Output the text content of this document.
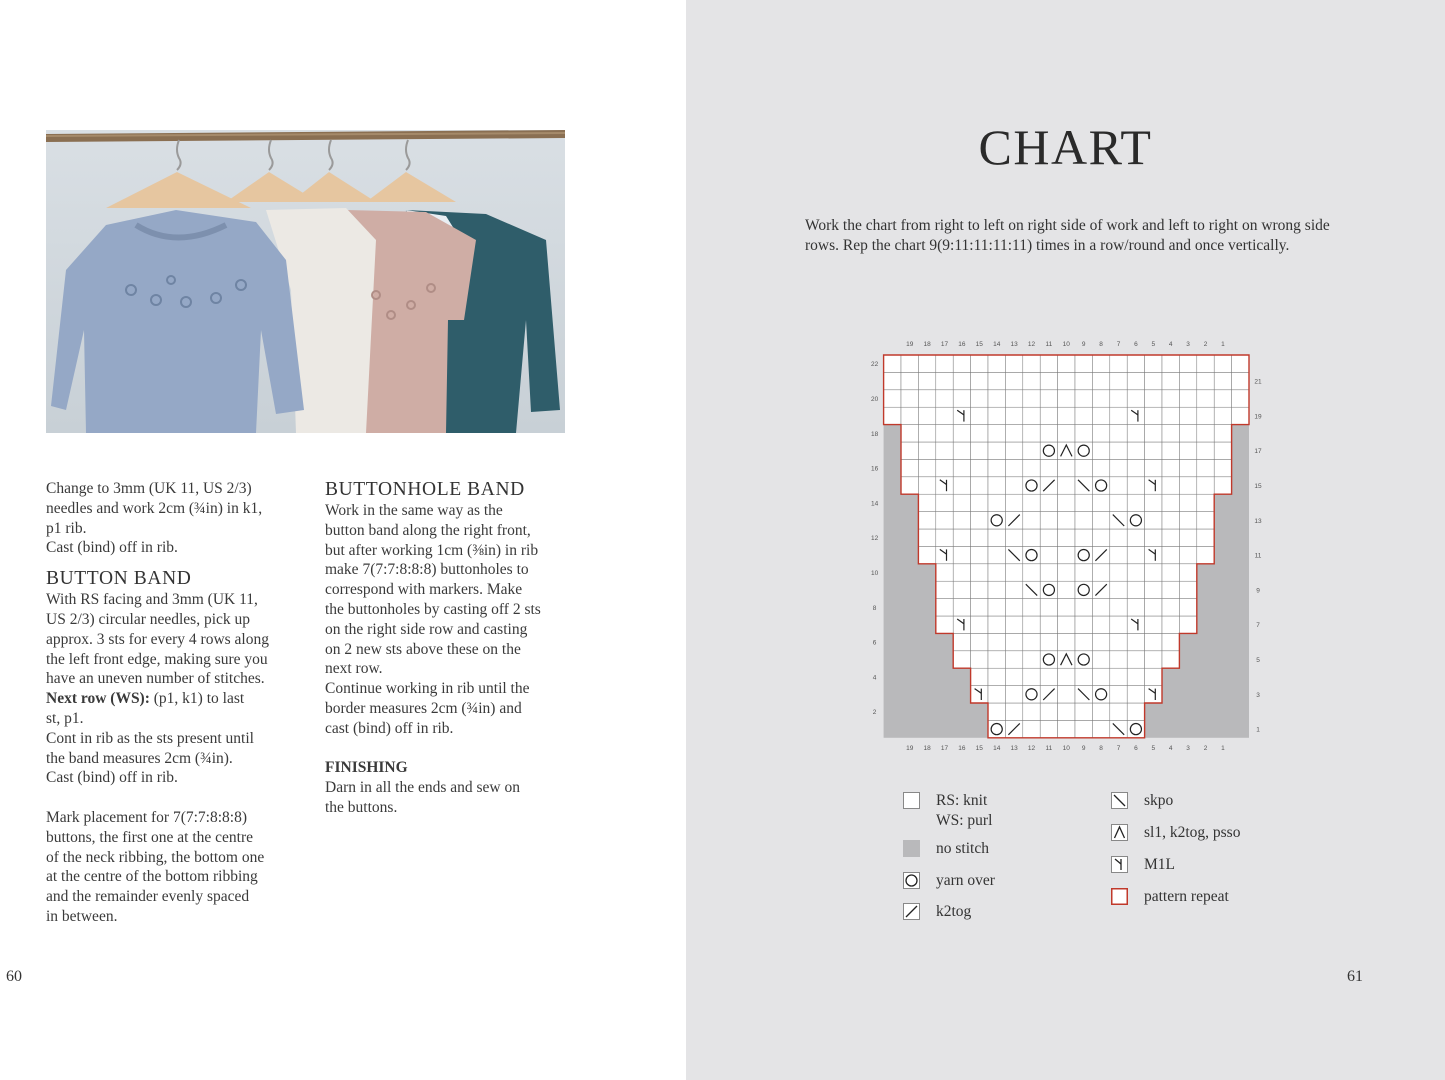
Change to 3mm (UK 11, US 2/3)
needles and work 2cm (¾in) in k1,
p1 rib.
Cast (bind) off in rib.

BUTTON BAND

With RS facing and 3mm (UK 11,
US 2/3) circular needles, pick up
approx. 3 sts for every 4 rows along
the left front edge, making sure you
have an uneven number of stitches.
Next row (WS): (p1, k1) to last
st, p1.
Cont in rib as the sts present until
the band measures 2cm (¾in).
Cast (bind) off in rib.

Mark placement for 7(7:7:8:8:8)
buttons, the first one at the centre
of the neck ribbing, the bottom one
at the centre of the bottom ribbing
and the remainder evenly spaced
in between.

BUTTONHOLE BAND

Work in the same way as the
button band along the right front,
but after working 1cm (⅜in) in rib
make 7(7:7:8:8:8) buttonholes to
correspond with markers. Make
the buttonholes by casting off 2 sts
on the right side row and casting
on 2 new sts above these on the
next row.
Continue working in rib until the
border measures 2cm (¾in) and
cast (bind) off in rib.

FINISHING

Darn in all the ends and sew on
the buttons.

60
CHART

Work the chart from right to left on right side of work and left to right on wrong side rows. Rep the chart 9(9:11:11:11:11) times in a row/round and once vertically.

19
19
18
18
17
17
16
16
15
15
14
14
13
13
12
12
11
11
10
10
9
9
8
8
7
7
6
6
5
5
4
4
3
3
2
2
1
1
22
20
18
16
14
12
10
8
6
4
2
21
19
17
15
13
11
9
7
5
3
1
RS: knit
WS: purl
no stitch
yarn over
k2tog
skpo
sl1, k2tog, psso
M1L
pattern repeat
61
